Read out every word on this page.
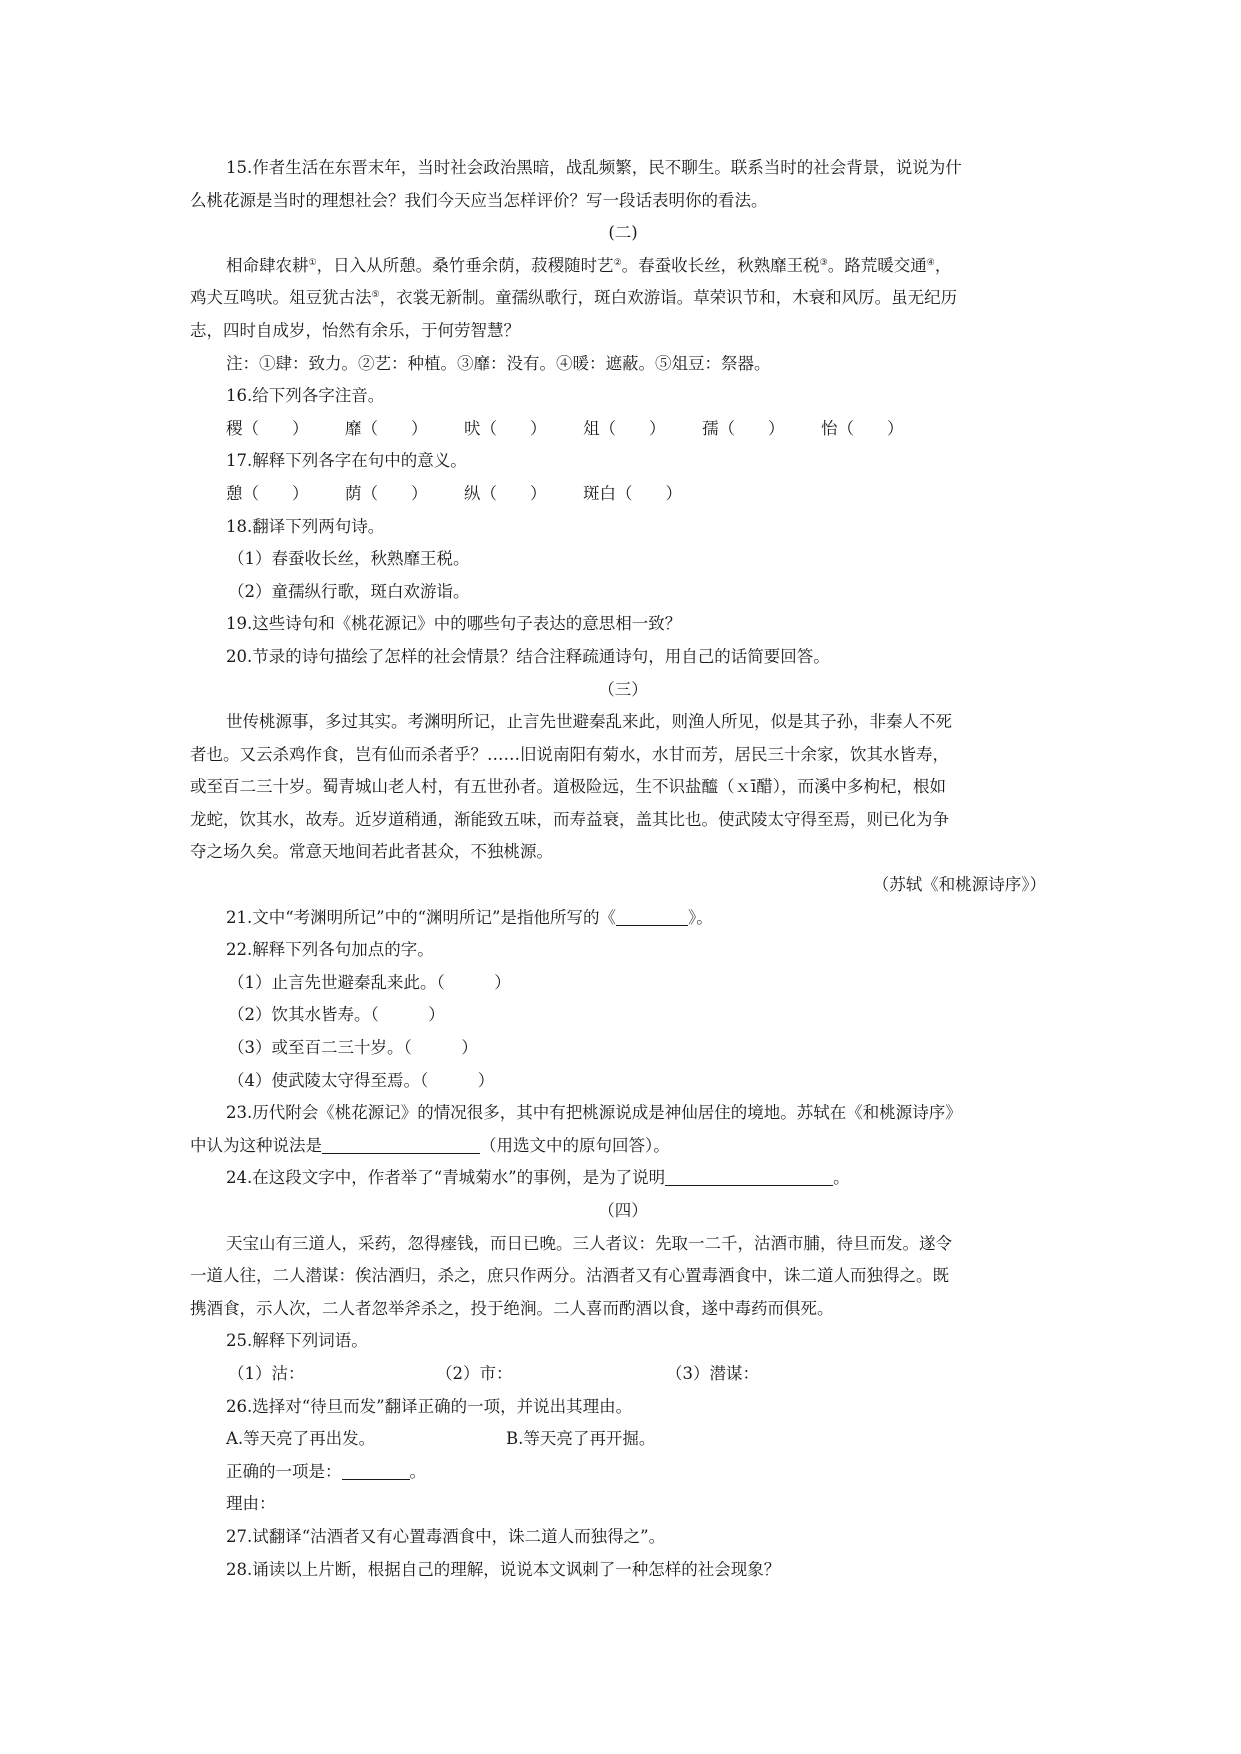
15.作者生活在东晋末年，当时社会政治黑暗，战乱频繁，民不聊生。联系当时的社会背景，说说为什

么桃花源是当时的理想社会？我们今天应当怎样评价？写一段话表明你的看法。

(二)

相命肆农耕①，日入从所憩。桑竹垂余荫，菽稷随时艺②。春蚕收长丝，秋熟靡王税③。路荒暖交通④，

鸡犬互鸣吠。俎豆犹古法⑤，衣裳无新制。童孺纵歌行，斑白欢游诣。草荣识节和，木衰和风厉。虽无纪历

志，四时自成岁，怡然有余乐，于何劳智慧？

注：①肆：致力。②艺：种植。③靡：没有。④暖：遮蔽。⑤俎豆：祭器。

16.给下列各字注音。

稷（　　）	靡（　　）	吠（　　）	俎（　　）	孺（　　）	怡（　　）

17.解释下列各字在句中的意义。

憩（　　）	荫（　　）	纵（　　）	斑白（　　）

18.翻译下列两句诗。

（1）春蚕收长丝，秋熟靡王税。

（2）童孺纵行歌，斑白欢游诣。

19.这些诗句和《桃花源记》中的哪些句子表达的意思相一致？

20.节录的诗句描绘了怎样的社会情景？结合注释疏通诗句，用自己的话简要回答。

（三）

世传桃源事，多过其实。考渊明所记，止言先世避秦乱来此，则渔人所见，似是其子孙，非秦人不死

者也。又云杀鸡作食，岂有仙而杀者乎？……旧说南阳有菊水，水甘而芳，居民三十余家，饮其水皆寿，

或至百二三十岁。蜀青城山老人村，有五世孙者。道极险远，生不识盐醯（ｘī醋），而溪中多枸杞，根如

龙蛇，饮其水，故寿。近岁道稍通，渐能致五味，而寿益衰，盖其比也。使武陵太守得至焉，则已化为争

夺之场久矣。常意天地间若此者甚众，不独桃源。

（苏轼《和桃源诗序》）

21.文中“考渊明所记”中的“渊明所记”是指他所写的《	》。

22.解释下列各句加点的字。

（1）止言先世避秦乱来此。（　　　）

（2）饮其水皆寿。（　　　）

（3）或至百二三十岁。（　　　）

（4）使武陵太守得至焉。（　　　）

23.历代附会《桃花源记》的情况很多，其中有把桃源说成是神仙居住的境地。苏轼在《和桃源诗序》

中认为这种说法是	（用选文中的原句回答）。

24.在这段文字中，作者举了“青城菊水”的事例，是为了说明	。

（四）

天宝山有三道人，采药，忽得瘗钱，而日已晚。三人者议：先取一二千，沽酒市脯，待旦而发。遂令

一道人往，二人潜谋：俟沽酒归，杀之，庶只作两分。沽酒者又有心置毒酒食中，诛二道人而独得之。既

携酒食，示人次，二人者忽举斧杀之，投于绝涧。二人喜而酌酒以食，遂中毒药而俱死。

25.解释下列词语。

（1）沽：	（2）市：	（3）潜谋：

26.选择对“待旦而发”翻译正确的一项，并说出其理由。

A.等天亮了再出发。	B.等天亮了再开掘。

正确的一项是：	。

理由：

27.试翻译“沽酒者又有心置毒酒食中，诛二道人而独得之”。

28.诵读以上片断，根据自己的理解，说说本文讽刺了一种怎样的社会现象？
